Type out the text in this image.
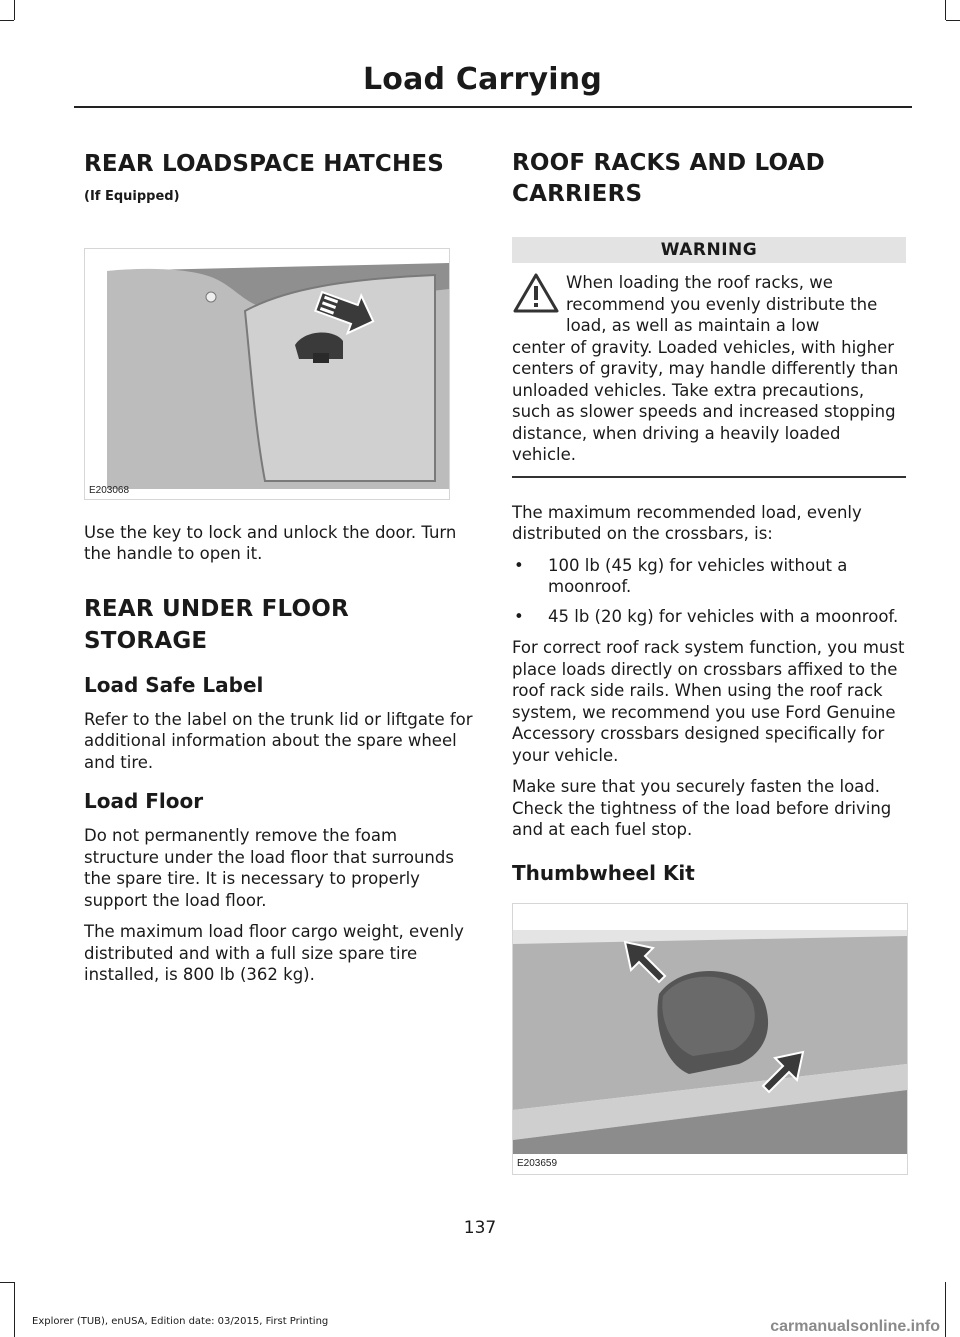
Load Carrying
REAR LOADSPACE HATCHES

(If Equipped)

E203068

Use the key to lock and unlock the door. Turn the handle to open it.

REAR UNDER FLOOR
STORAGE
Load Safe Label

Refer to the label on the trunk lid or liftgate for additional information about the spare wheel and tire.

Load Floor

Do not permanently remove the foam structure under the load floor that surrounds the spare tire. It is necessary to properly support the load floor.

The maximum load floor cargo weight, evenly distributed and with a full size spare tire installed, is 800 lb (362 kg).

ROOF RACKS AND LOAD
CARRIERS
WARNING

When loading the roof racks, we
recommend you evenly distribute the
load, as well as maintain a low

center of gravity. Loaded vehicles, with higher centers of gravity, may handle differently than unloaded vehicles. Take extra precautions, such as slower speeds and increased stopping distance, when driving a heavily loaded vehicle.

The maximum recommended load, evenly distributed on the crossbars, is:

• 100 lb (45 kg) for vehicles without a moonroof.
• 45 lb (20 kg) for vehicles with a moonroof.

For correct roof rack system function, you must place loads directly on crossbars affixed to the roof rack side rails. When using the roof rack system, we recommend you use Ford Genuine Accessory crossbars designed specifically for your vehicle.

Make sure that you securely fasten the load. Check the tightness of the load before driving and at each fuel stop.

Thumbwheel Kit
E203659
137
Explorer (TUB), enUSA, Edition date: 03/2015, First Printing	carmanualsonline.info
